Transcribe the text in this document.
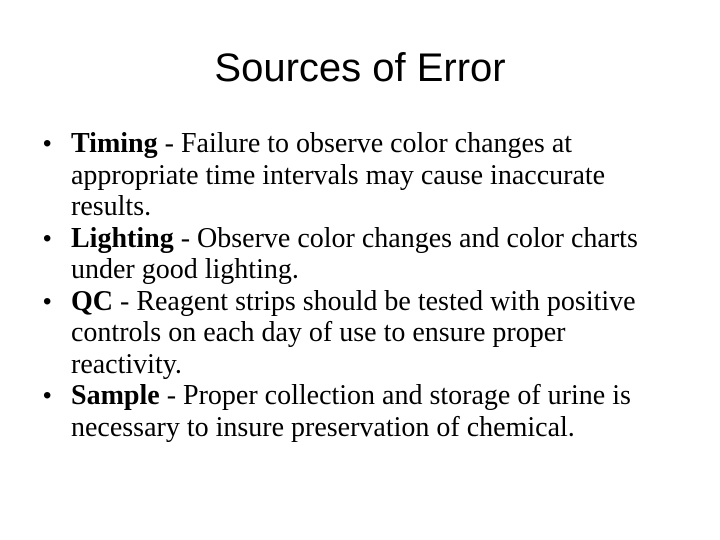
Sources of Error
• Timing - Failure to observe color changes at appropriate time intervals may cause inaccurate results.
• Lighting - Observe color changes and color charts under good lighting.
• QC - Reagent strips should be tested with positive controls on each day of use to ensure proper reactivity.
• Sample - Proper collection and storage of urine is necessary to insure preservation of chemical.
